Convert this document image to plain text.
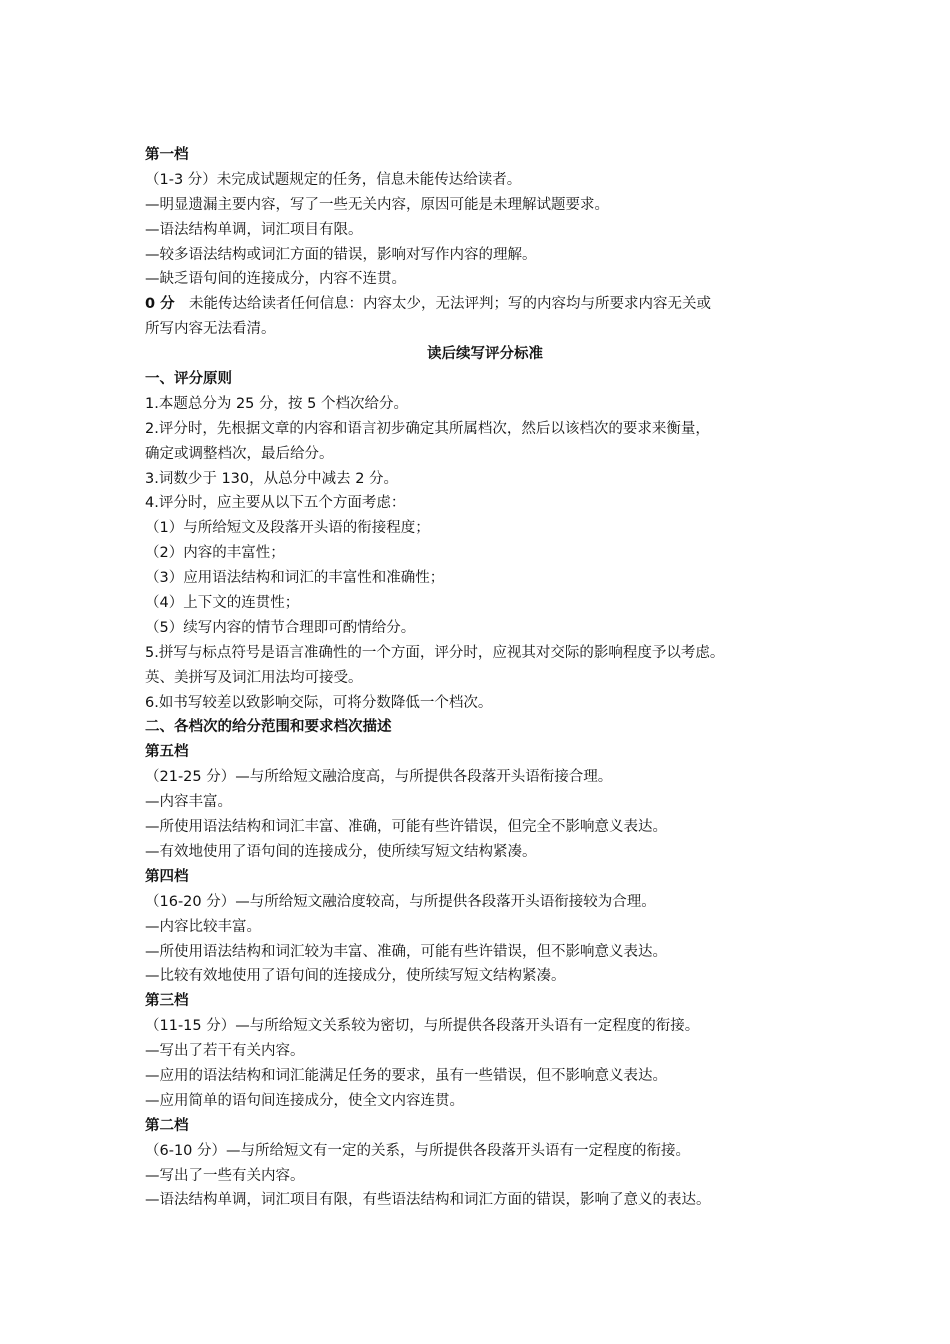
第一档
（1-3 分）未完成试题规定的任务，信息未能传达给读者。
—明显遗漏主要内容，写了一些无关内容，原因可能是未理解试题要求。
—语法结构单调，词汇项目有限。
—较多语法结构或词汇方面的错误，影响对写作内容的理解。
—缺乏语句间的连接成分，内容不连贯。
0 分 未能传达给读者任何信息：内容太少，无法评判；写的内容均与所要求内容无关或
所写内容无法看清。
读后续写评分标准
一、评分原则
1.本题总分为 25 分，按 5 个档次给分。
2.评分时，先根据文章的内容和语言初步确定其所属档次，然后以该档次的要求来衡量，
确定或调整档次，最后给分。
3.词数少于 130，从总分中减去 2 分。
4.评分时，应主要从以下五个方面考虑：
（1）与所给短文及段落开头语的衔接程度；
（2）内容的丰富性；
（3）应用语法结构和词汇的丰富性和准确性；
（4）上下文的连贯性；
（5）续写内容的情节合理即可酌情给分。
5.拼写与标点符号是语言准确性的一个方面，评分时，应视其对交际的影响程度予以考虑。
英、美拼写及词汇用法均可接受。
6.如书写较差以致影响交际，可将分数降低一个档次。
二、各档次的给分范围和要求档次描述
第五档
（21-25 分）—与所给短文融洽度高，与所提供各段落开头语衔接合理。
—内容丰富。
—所使用语法结构和词汇丰富、准确，可能有些许错误，但完全不影响意义表达。
—有效地使用了语句间的连接成分，使所续写短文结构紧凑。
第四档
（16-20 分）—与所给短文融洽度较高，与所提供各段落开头语衔接较为合理。
—内容比较丰富。
—所使用语法结构和词汇较为丰富、准确，可能有些许错误，但不影响意义表达。
—比较有效地使用了语句间的连接成分，使所续写短文结构紧凑。
第三档
（11-15 分）—与所给短文关系较为密切，与所提供各段落开头语有一定程度的衔接。
—写出了若干有关内容。
—应用的语法结构和词汇能满足任务的要求，虽有一些错误，但不影响意义表达。
—应用简单的语句间连接成分，使全文内容连贯。
第二档
（6-10 分）—与所给短文有一定的关系，与所提供各段落开头语有一定程度的衔接。
—写出了一些有关内容。
—语法结构单调，词汇项目有限，有些语法结构和词汇方面的错误，影响了意义的表达。
